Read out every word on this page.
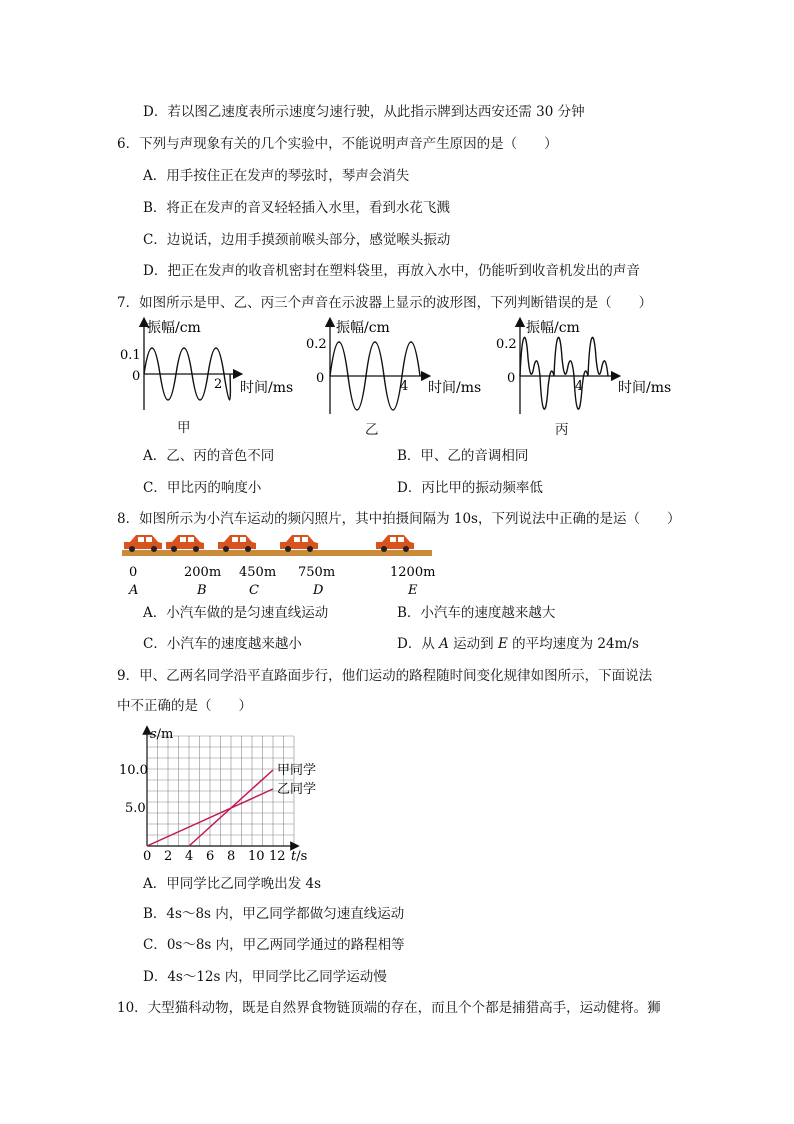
D．若以图乙速度表所示速度匀速行驶，从此指示牌到达西安还需 30 分钟
6．下列与声现象有关的几个实验中，不能说明声音产生原因的是（　　）
A．用手按住正在发声的琴弦时，琴声会消失
B．将正在发声的音叉轻轻插入水里，看到水花飞溅
C．边说话，边用手摸颈前喉头部分，感觉喉头振动
D．把正在发声的收音机密封在塑料袋里，再放入水中，仍能听到收音机发出的声音
7．如图所示是甲、乙、丙三个声音在示波器上显示的波形图，下列判断错误的是（　　）
振幅/cm
0.1
0
2 时间/ms
振幅/cm
0.2
0
4 时间/ms
振幅/cm
0.2
0
4 时间/ms
甲	乙	丙
A．乙、丙的音色不同	B．甲、乙的音调相同
C．甲比丙的响度小	D．丙比甲的振动频率低
8．如图所示为小汽车运动的频闪照片，其中拍摄间隔为 10s，下列说法中正确的是运（　　）
0	200m 450m 750m	1200m
A	B	C	D	E
A．小汽车做的是匀速直线运动	B．小汽车的速度越来越大
C．小汽车的速度越来越小	D．从 A 运动到 E 的平均速度为 24m/s
9．甲、乙两名同学沿平直路面步行，他们运动的路程随时间变化规律如图所示，下面说法
中不正确的是（　　）
s/m
t/s
10.0
5.0
0 2 4 6 8 10 12
甲同学
乙同学
A．甲同学比乙同学晚出发 4s
B．4s～8s 内，甲乙同学都做匀速直线运动
C．0s～8s 内，甲乙两同学通过的路程相等
D．4s～12s 内，甲同学比乙同学运动慢
10．大型猫科动物，既是自然界食物链顶端的存在，而且个个都是捕猎高手，运动健将。狮
